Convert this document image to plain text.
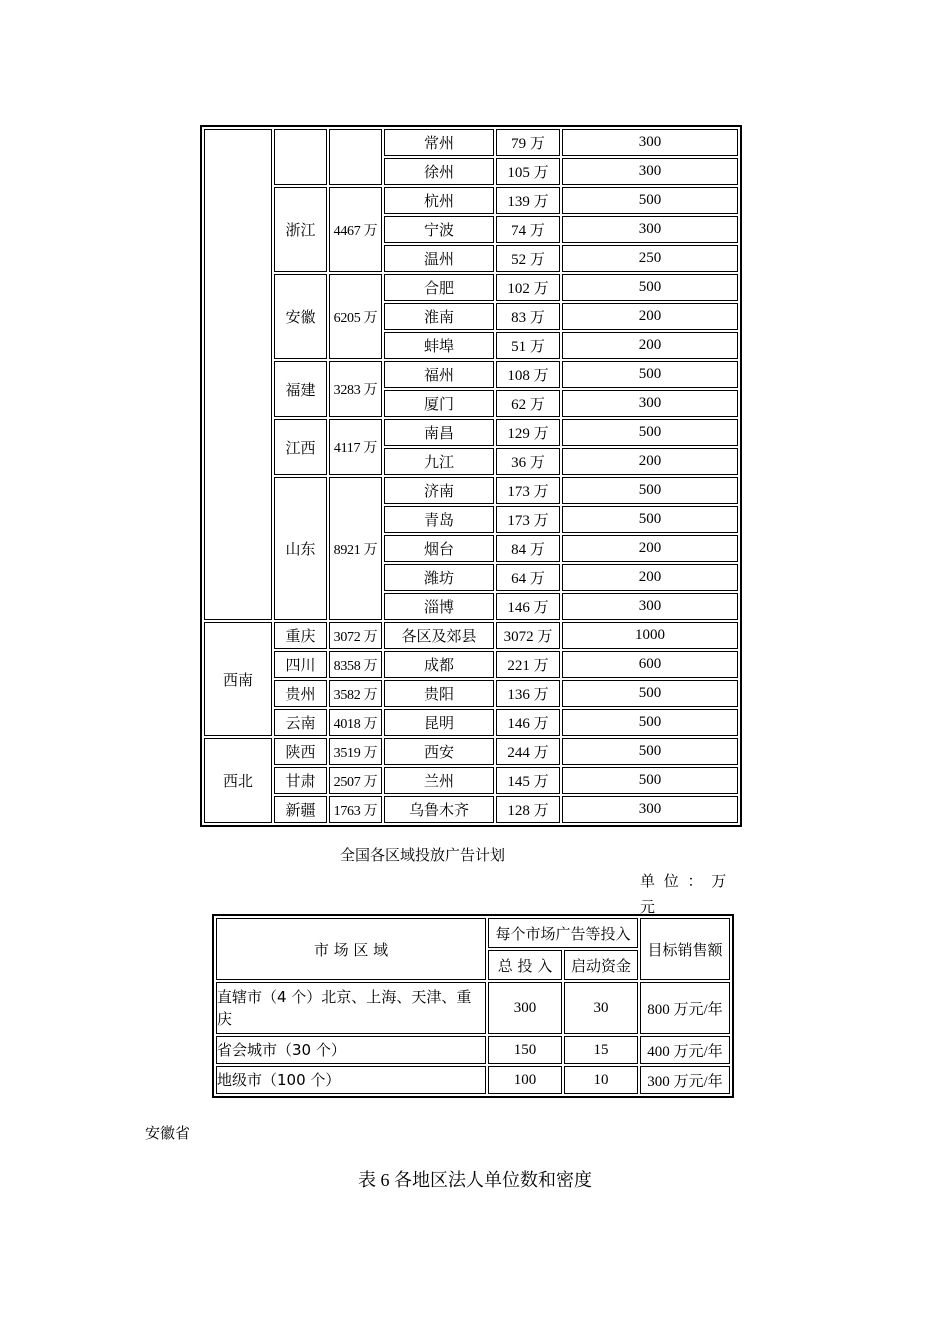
			常州	79 万	300
			徐州	105 万	300
	浙江	4467 万	杭州	139 万	500
			宁波	74 万	300
			温州	52 万	250
	安徽	6205 万	合肥	102 万	500
			淮南	83 万	200
			蚌埠	51 万	200
	福建	3283 万	福州	108 万	500
			厦门	62 万	300
	江西	4117 万	南昌	129 万	500
			九江	36 万	200
	山东	8921 万	济南	173 万	500
			青岛	173 万	500
			烟台	84 万	200
			潍坊	64 万	200
			淄博	146 万	300
西南	重庆	3072 万	各区及郊县	3072 万	1000
	四川	8358 万	成都	221 万	600
	贵州	3582 万	贵阳	136 万	500
	云南	4018 万	昆明	146 万	500
西北	陕西	3519 万	西安	244 万	500
	甘肃	2507 万	兰州	145 万	500
	新疆	1763 万	乌鲁木齐	128 万	300
全国各区域投放广告计划
单 位 ： 万 元
市 场 区 域	每个市场广告等投入		目标销售额
	总 投 入	启动资金	
直辖市（4 个）北京、上海、天津、重庆	300	30	800 万元/年
省会城市（30 个）	150	15	400 万元/年
地级市（100 个）	100	10	300 万元/年
安徽省
表 6 各地区法人单位数和密度
